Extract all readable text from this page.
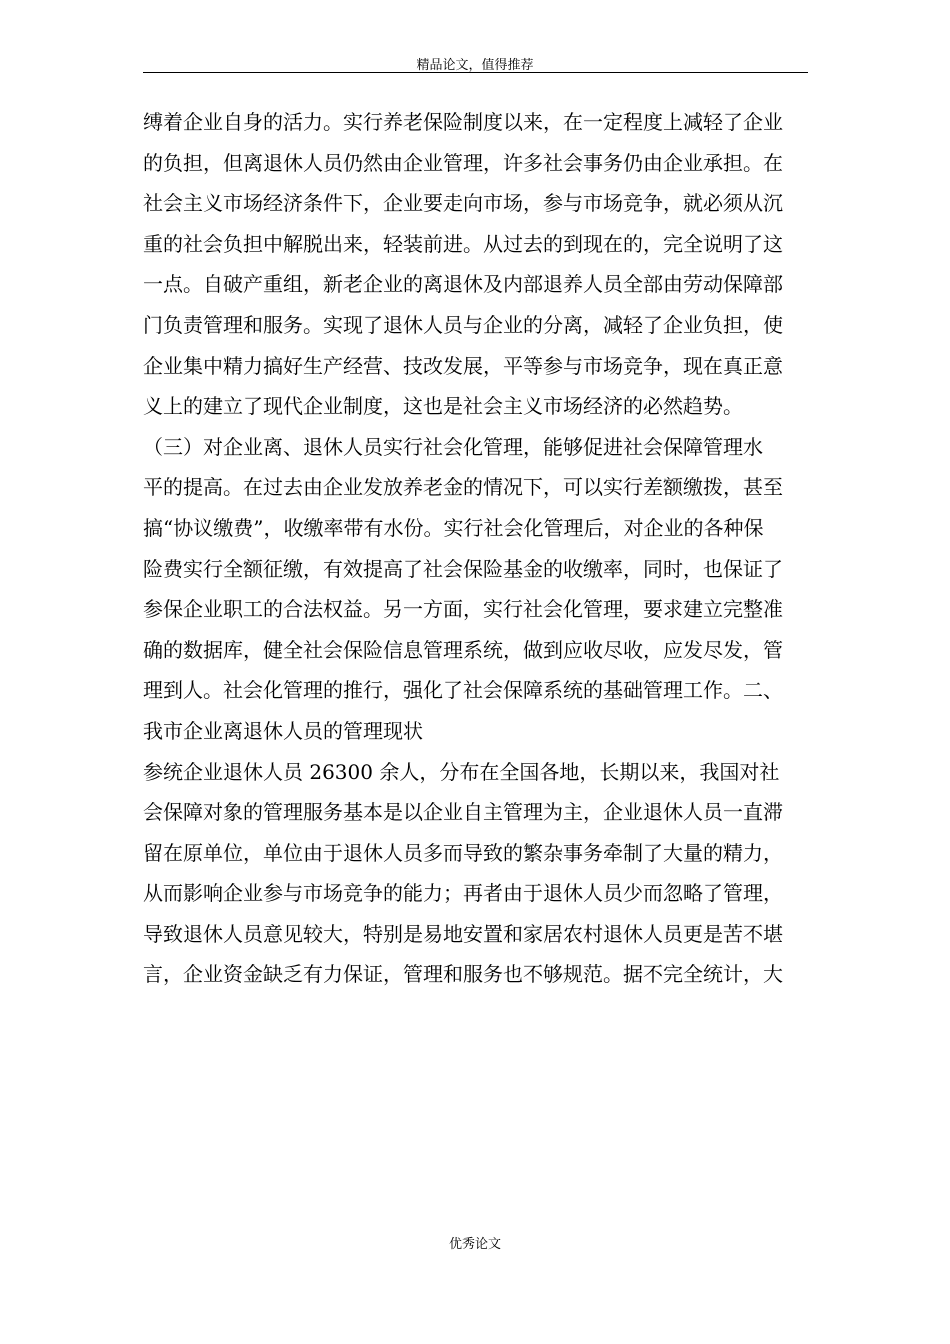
精品论文，值得推荐
缚着企业自身的活力。实行养老保险制度以来，在一定程度上减轻了企业
的负担，但离退休人员仍然由企业管理，许多社会事务仍由企业承担。在
社会主义市场经济条件下，企业要走向市场，参与市场竞争，就必须从沉
重的社会负担中解脱出来，轻装前进。从过去的到现在的，完全说明了这
一点。自破产重组，新老企业的离退休及内部退养人员全部由劳动保障部
门负责管理和服务。实现了退休人员与企业的分离，减轻了企业负担，使
企业集中精力搞好生产经营、技改发展，平等参与市场竞争，现在真正意
义上的建立了现代企业制度，这也是社会主义市场经济的必然趋势。
（三）对企业离、退休人员实行社会化管理，能够促进社会保障管理水
平的提高。在过去由企业发放养老金的情况下，可以实行差额缴拨，甚至
搞“协议缴费”，收缴率带有水份。实行社会化管理后，对企业的各种保
险费实行全额征缴，有效提高了社会保险基金的收缴率，同时，也保证了
参保企业职工的合法权益。另一方面，实行社会化管理，要求建立完整准
确的数据库，健全社会保险信息管理系统，做到应收尽收，应发尽发，管
理到人。社会化管理的推行，强化了社会保障系统的基础管理工作。二、
我市企业离退休人员的管理现状
参统企业退休人员 26300 余人，分布在全国各地，长期以来，我国对社
会保障对象的管理服务基本是以企业自主管理为主，企业退休人员一直滞
留在原单位，单位由于退休人员多而导致的繁杂事务牵制了大量的精力，
从而影响企业参与市场竞争的能力；再者由于退休人员少而忽略了管理，
导致退休人员意见较大，特别是易地安置和家居农村退休人员更是苦不堪
言，企业资金缺乏有力保证，管理和服务也不够规范。据不完全统计，大
优秀论文
